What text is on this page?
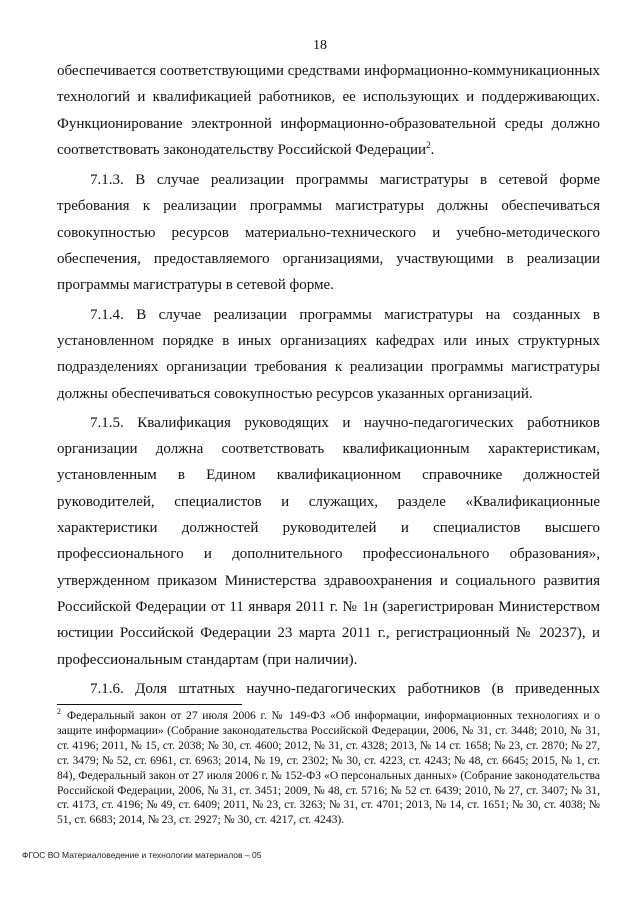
18

обеспечивается соответствующими средствами информационно-коммуникационных технологий и квалификацией работников, ее использующих и поддерживающих. Функционирование электронной информационно-образовательной среды должно соответствовать законодательству Российской Федерации$^2$.

7.1.3. В случае реализации программы магистратуры в сетевой форме требования к реализации программы магистратуры должны обеспечиваться совокупностью ресурсов материально-технического и учебно-методического обеспечения, предоставляемого организациями, участвующими в реализации программы магистратуры в сетевой форме.

7.1.4. В случае реализации программы магистратуры на созданных в установленном порядке в иных организациях кафедрах или иных структурных подразделениях организации требования к реализации программы магистратуры должны обеспечиваться совокупностью ресурсов указанных организаций.

7.1.5. Квалификация руководящих и научно-педагогических работников организации должна соответствовать квалификационным характеристикам, установленным в Едином квалификационном справочнике должностей руководителей, специалистов и служащих, разделе «Квалификационные характеристики должностей руководителей и специалистов высшего профессионального и дополнительного профессионального образования», утвержденном приказом Министерства здравоохранения и социального развития Российской Федерации от 11 января 2011 г. № 1н (зарегистрирован Министерством юстиции Российской Федерации 23 марта 2011 г., регистрационный № 20237), и профессиональным стандартам (при наличии).

7.1.6. Доля штатных научно-педагогических работников (в приведенных

$^2$ Федеральный закон от 27 июля 2006 г. № 149-ФЗ «Об информации, информационных технологиях и о защите информации» (Собрание законодательства Российской Федерации, 2006, № 31, ст. 3448; 2010, № 31, ст. 4196; 2011, № 15, ст. 2038; № 30, ст. 4600; 2012, № 31, ст. 4328; 2013, № 14 ст. 1658; № 23, ст. 2870; № 27, ст. 3479; № 52, ст. 6961, ст. 6963; 2014, № 19, ст. 2302; № 30, ст. 4223, ст. 4243; № 48, ст. 6645; 2015, № 1, ст. 84), Федеральный закон от 27 июля 2006 г. № 152-ФЗ «О персональных данных» (Собрание законодательства Российской Федерации, 2006, № 31, ст. 3451; 2009, № 48, ст. 5716; № 52 ст. 6439; 2010, № 27, ст. 3407; № 31, ст. 4173, ст. 4196; № 49, ст. 6409; 2011, № 23, ст. 3263; № 31, ст. 4701; 2013, № 14, ст. 1651; № 30, ст. 4038; № 51, ст. 6683; 2014, № 23, ст. 2927; № 30, ст. 4217, ст. 4243).
ФГОС ВО Материаловедение и технологии материалов – 05
